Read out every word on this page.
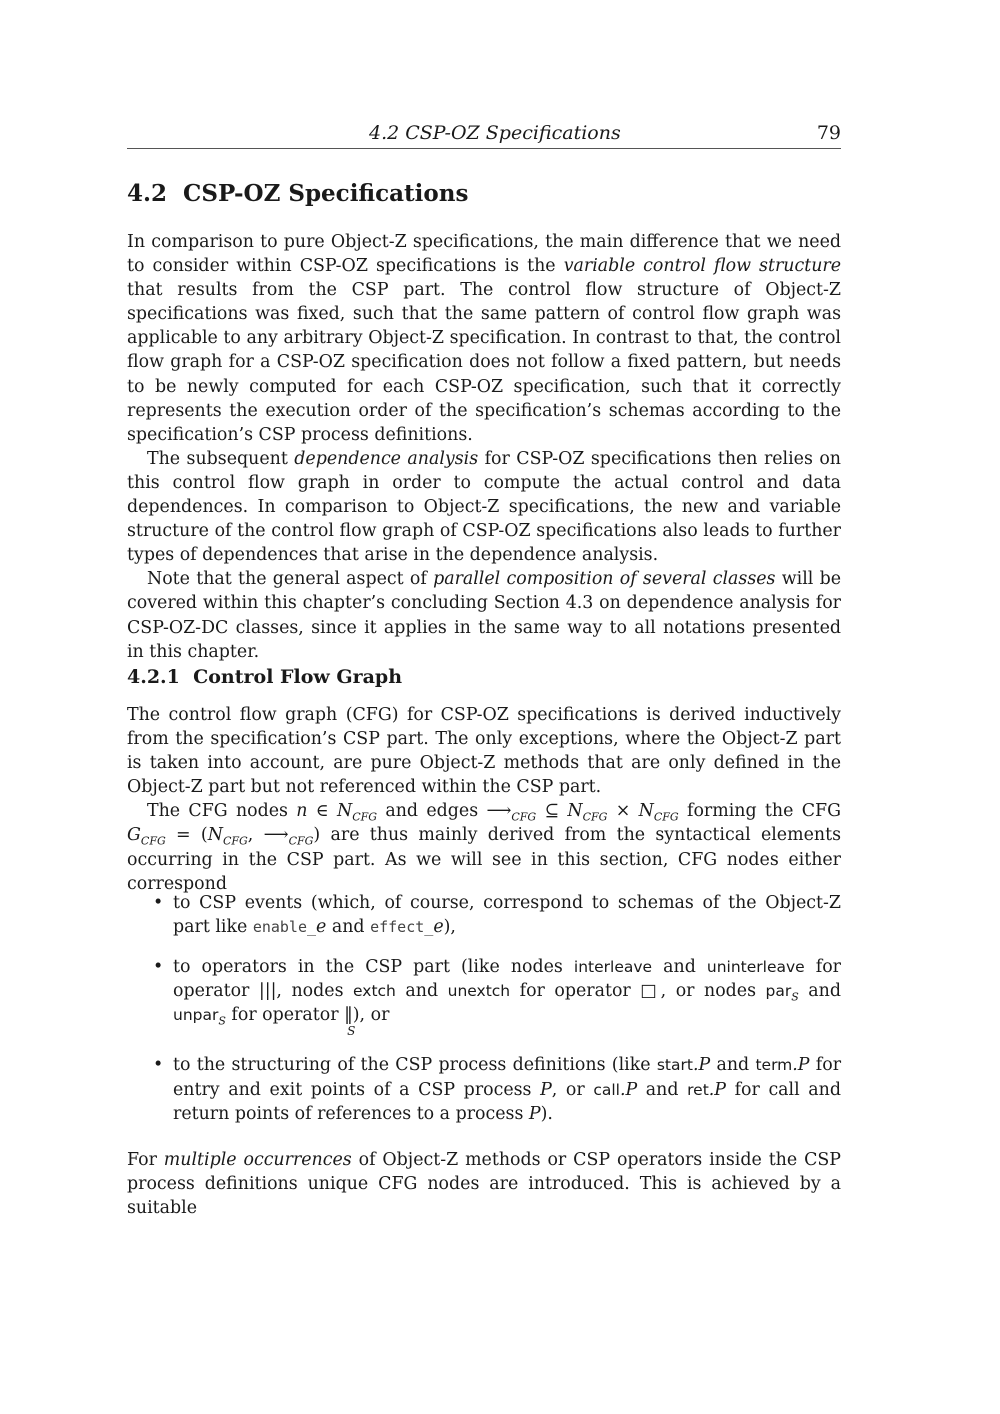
4.2 CSP-OZ Specifications	79
4.2 CSP-OZ Specifications

In comparison to pure Object-Z specifications, the main difference that we need to consider within CSP-OZ specifications is the variable control flow structure that results from the CSP part. The control flow structure of Object-Z specifications was fixed, such that the same pattern of control flow graph was applicable to any arbitrary Object-Z specification. In contrast to that, the control flow graph for a CSP-OZ specification does not follow a fixed pattern, but needs to be newly computed for each CSP-OZ specification, such that it correctly represents the execution order of the specification’s schemas according to the specification’s CSP process definitions.

The subsequent dependence analysis for CSP-OZ specifications then relies on this control flow graph in order to compute the actual control and data dependences. In comparison to Object-Z specifications, the new and variable structure of the control flow graph of CSP-OZ specifications also leads to further types of dependences that arise in the dependence analysis.

Note that the general aspect of parallel composition of several classes will be covered within this chapter’s concluding Section 4.3 on dependence analysis for CSP-OZ-DC classes, since it applies in the same way to all notations presented in this chapter.

4.2.1 Control Flow Graph

The control flow graph (CFG) for CSP-OZ specifications is derived inductively from the specification’s CSP part. The only exceptions, where the Object-Z part is taken into account, are pure Object-Z methods that are only defined in the Object-Z part but not referenced within the CSP part.

The CFG nodes n ∈ $N_{CFG}$ and edges $⟶_{CFG}$ ⊆ $N_{CFG} \times N_{CFG}$ forming the CFG $G_{CFG} = (N_{CFG}$, $⟶_{CFG}$) are thus mainly derived from the syntactical elements occurring in the CSP part. As we will see in this section, CFG nodes either correspond

• to CSP events (which, of course, correspond to schemas of the Object-Z part like enable_e and effect_e),
• to operators in the CSP part (like nodes interleave and uninterleave for operator |||, nodes extch and unextch for operator □, or nodes par$_S$ and unpar$_S$ for operator ‖
S
), or
• to the structuring of the CSP process definitions (like start.P and term.P for entry and exit points of a CSP process P, or call.P and ret.P for call and return points of references to a process P).

For multiple occurrences of Object-Z methods or CSP operators inside the CSP process definitions unique CFG nodes are introduced. This is achieved by a suitable
